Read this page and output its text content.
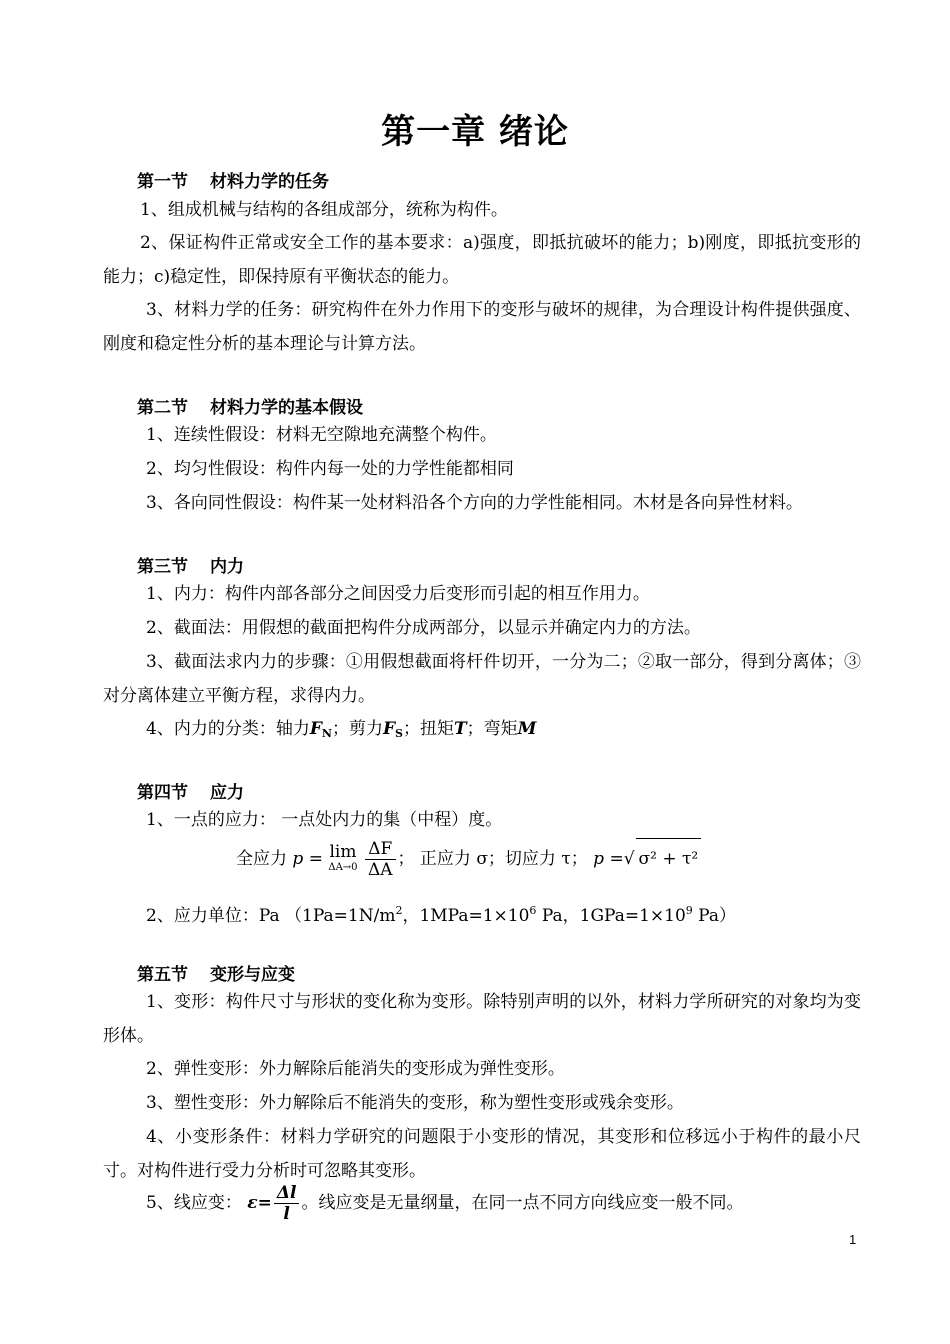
第一章 绪论
第一节 材料力学的任务
1、组成机械与结构的各组成部分，统称为构件。
2、保证构件正常或安全工作的基本要求：a)强度，即抵抗破坏的能力；b)刚度，即抵抗变形的能力；c)稳定性，即保持原有平衡状态的能力。
3、材料力学的任务：研究构件在外力作用下的变形与破坏的规律，为合理设计构件提供强度、刚度和稳定性分析的基本理论与计算方法。
第二节 材料力学的基本假设
1、连续性假设：材料无空隙地充满整个构件。
2、均匀性假设：构件内每一处的力学性能都相同
3、各向同性假设：构件某一处材料沿各个方向的力学性能相同。木材是各向异性材料。
第三节 内力
1、内力：构件内部各部分之间因受力后变形而引起的相互作用力。
2、截面法：用假想的截面把构件分成两部分，以显示并确定内力的方法。
3、截面法求内力的步骤：①用假想截面将杆件切开，一分为二；②取一部分，得到分离体；③对分离体建立平衡方程，求得内力。
4、内力的分类：轴力$F_N$；剪力$F_S$；扭矩T；弯矩M
第四节 应力
1、一点的应力： 一点处内力的集（中程）度。
全应力 p = lim
ΔA→0
$\frac{\Delta F}{\Delta A}$ ； 正应力 σ；切应力 τ； p =√ σ² + τ²
2、应力单位：Pa （$1Pa=1N/m^2$，$1MPa=1\times 10^6$ Pa，$1GPa=1\times 10^9$ Pa）
第五节 变形与应变
1、变形：构件尺寸与形状的变化称为变形。除特别声明的以外，材料力学所研究的对象均为变形体。
2、弹性变形：外力解除后能消失的变形成为弹性变形。
3、塑性变形：外力解除后不能消失的变形，称为塑性变形或残余变形。
4、小变形条件：材料力学研究的问题限于小变形的情况，其变形和位移远小于构件的最小尺寸。对构件进行受力分析时可忽略其变形。
5、线应变： $\varepsilon= \frac{\Delta l}{l}$ 。线应变是无量纲量，在同一点不同方向线应变一般不同。
1
